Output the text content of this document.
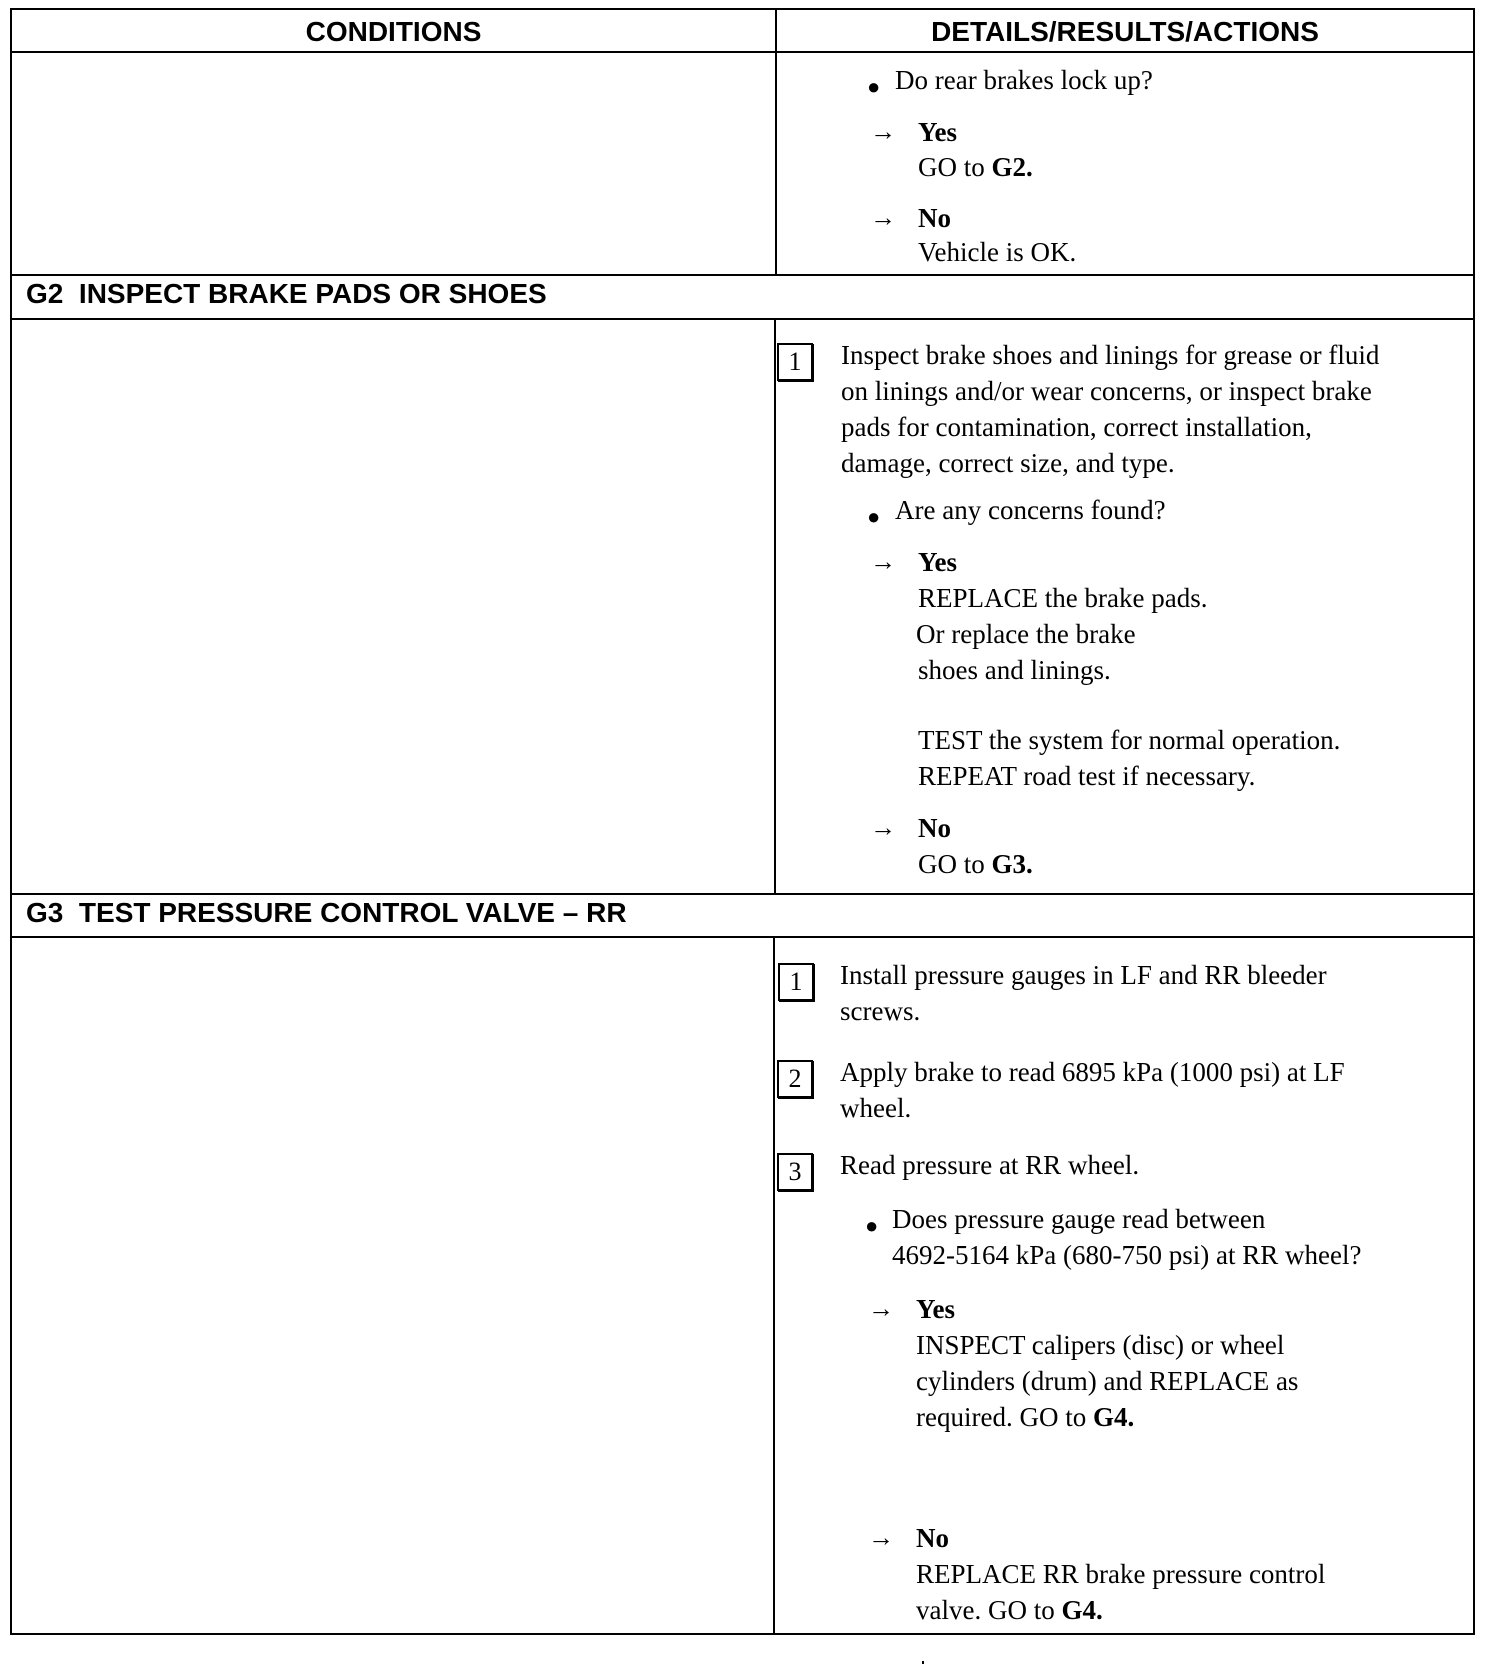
CONDITIONS	DETAILS/RESULTS/ACTIONS
● Do rear brakes lock up?
→ Yes
GO to G2.
→ No
Vehicle is OK.
G2  INSPECT BRAKE PADS OR SHOES
1	Inspect brake shoes and linings for grease or fluid
on linings and/or wear concerns, or inspect brake
pads for contamination, correct installation,
damage, correct size, and type.
● Are any concerns found?
→ Yes
REPLACE the brake pads.
Or replace the brake
shoes and linings.
TEST the system for normal operation.
REPEAT road test if necessary.
→ No
GO to G3.
G3  TEST PRESSURE CONTROL VALVE – RR
1	Install pressure gauges in LF and RR bleeder
screws.
2	Apply brake to read 6895 kPa (1000 psi) at LF
wheel.
3	Read pressure at RR wheel.
● Does pressure gauge read between
4692-5164 kPa (680-750 psi) at RR wheel?
→ Yes
INSPECT calipers (disc) or wheel
cylinders (drum) and REPLACE as
required. GO to G4.
→ No
REPLACE RR brake pressure control
valve. GO to G4.
